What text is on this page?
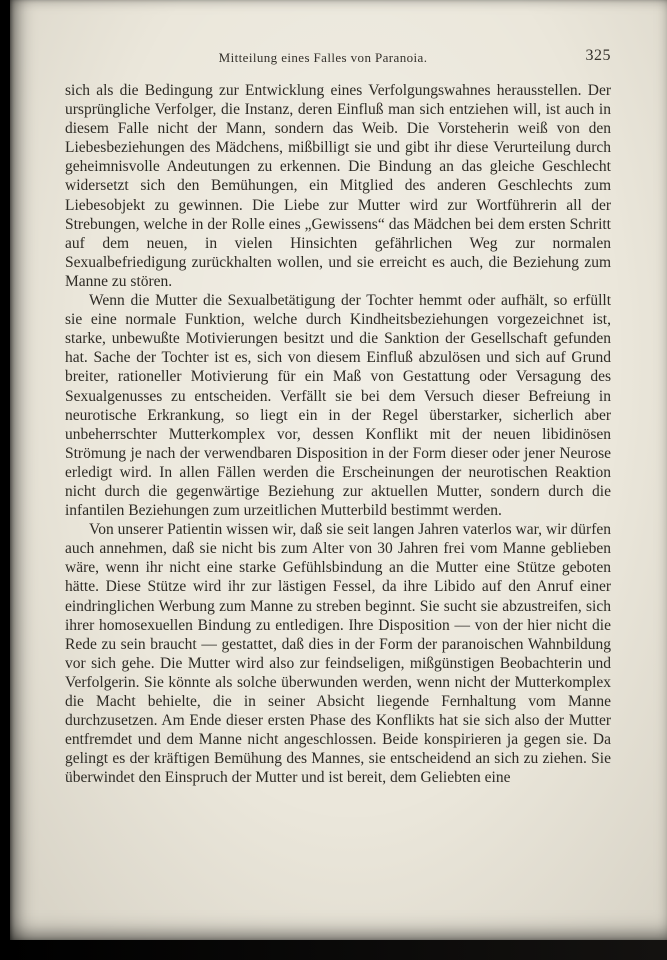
Mitteilung eines Falles von Paranoia.	325

sich als die Bedingung zur Entwicklung eines Verfolgungswahnes herausstellen. Der ursprüngliche Verfolger, die Instanz, deren Einfluß man sich entziehen will, ist auch in diesem Falle nicht der Mann, sondern das Weib. Die Vorsteherin weiß von den Liebesbeziehungen des Mädchens, mißbilligt sie und gibt ihr diese Verurteilung durch geheimnisvolle Andeutungen zu erkennen. Die Bindung an das gleiche Geschlecht widersetzt sich den Bemühungen, ein Mitglied des anderen Geschlechts zum Liebesobjekt zu gewinnen. Die Liebe zur Mutter wird zur Wortführerin all der Strebungen, welche in der Rolle eines „Gewissens“ das Mädchen bei dem ersten Schritt auf dem neuen, in vielen Hinsichten gefährlichen Weg zur normalen Sexualbefriedigung zurückhalten wollen, und sie erreicht es auch, die Beziehung zum Manne zu stören.

Wenn die Mutter die Sexualbetätigung der Tochter hemmt oder aufhält, so erfüllt sie eine normale Funktion, welche durch Kindheitsbeziehungen vorgezeichnet ist, starke, unbewußte Motivierungen besitzt und die Sanktion der Gesellschaft gefunden hat. Sache der Tochter ist es, sich von diesem Einfluß abzulösen und sich auf Grund breiter, rationeller Motivierung für ein Maß von Gestattung oder Versagung des Sexualgenusses zu entscheiden. Verfällt sie bei dem Versuch dieser Befreiung in neurotische Erkrankung, so liegt ein in der Regel überstarker, sicherlich aber unbeherrschter Mutterkomplex vor, dessen Konflikt mit der neuen libidinösen Strömung je nach der verwendbaren Disposition in der Form dieser oder jener Neurose erledigt wird. In allen Fällen werden die Erscheinungen der neurotischen Reaktion nicht durch die gegenwärtige Beziehung zur aktuellen Mutter, sondern durch die infantilen Beziehungen zum urzeitlichen Mutterbild bestimmt werden.

Von unserer Patientin wissen wir, daß sie seit langen Jahren vaterlos war, wir dürfen auch annehmen, daß sie nicht bis zum Alter von 30 Jahren frei vom Manne geblieben wäre, wenn ihr nicht eine starke Gefühlsbindung an die Mutter eine Stütze geboten hätte. Diese Stütze wird ihr zur lästigen Fessel, da ihre Libido auf den Anruf einer eindringlichen Werbung zum Manne zu streben beginnt. Sie sucht sie abzustreifen, sich ihrer homosexuellen Bindung zu entledigen. Ihre Disposition — von der hier nicht die Rede zu sein braucht — gestattet, daß dies in der Form der paranoischen Wahnbildung vor sich gehe. Die Mutter wird also zur feindseligen, mißgünstigen Beobachterin und Verfolgerin. Sie könnte als solche überwunden werden, wenn nicht der Mutterkomplex die Macht behielte, die in seiner Absicht liegende Fernhaltung vom Manne durchzusetzen. Am Ende dieser ersten Phase des Konflikts hat sie sich also der Mutter entfremdet und dem Manne nicht angeschlossen. Beide konspirieren ja gegen sie. Da gelingt es der kräftigen Bemühung des Mannes, sie entscheidend an sich zu ziehen. Sie überwindet den Einspruch der Mutter und ist bereit, dem Geliebten eine
